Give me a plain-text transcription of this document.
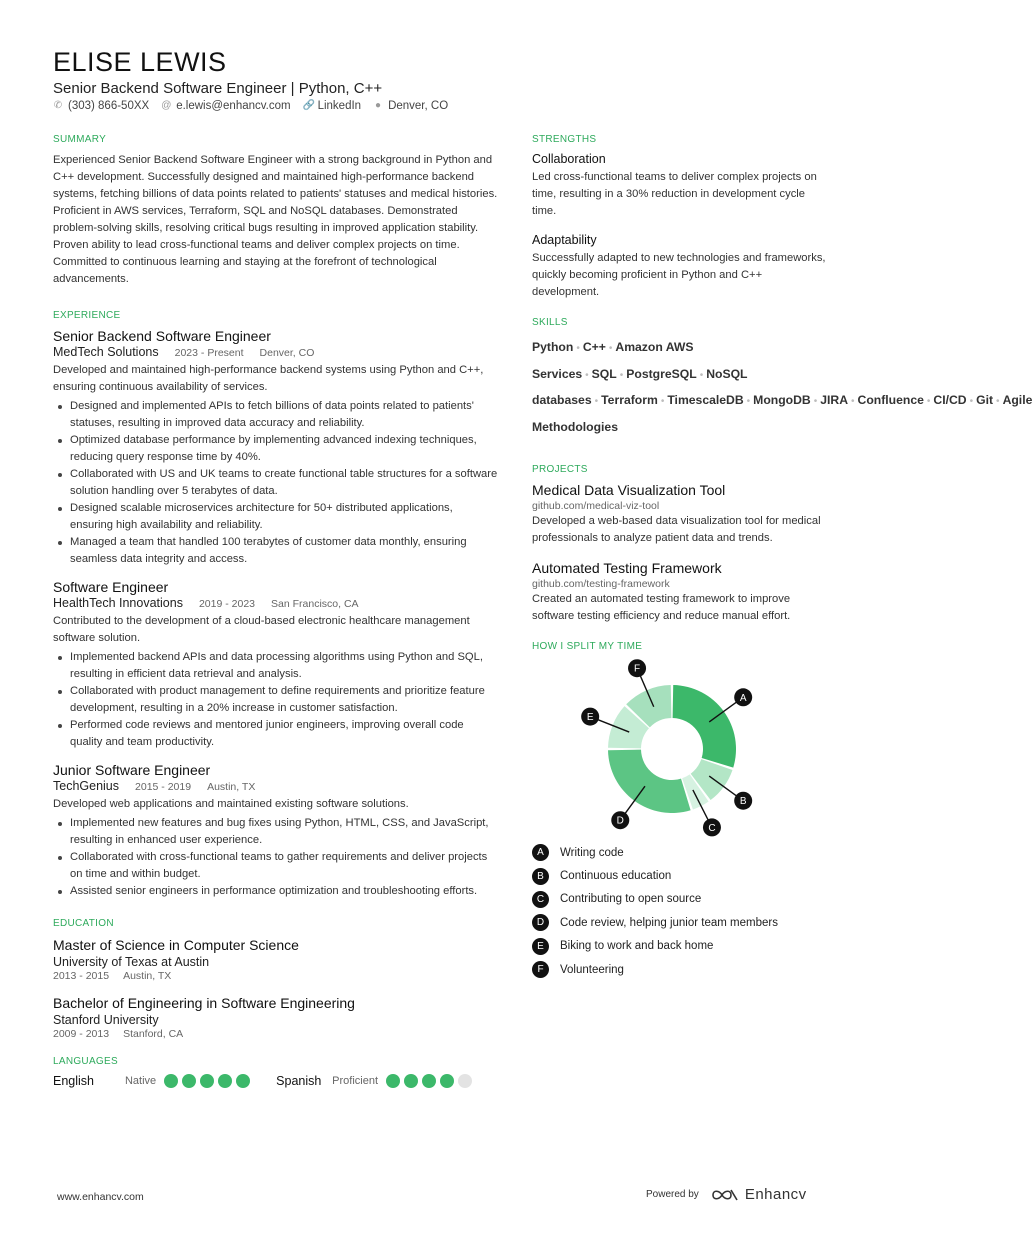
ELISE LEWIS
Senior Backend Software Engineer | Python, C++
✆ (303) 866-50XX @ e.lewis@enhancv.com 🔗 LinkedIn ● Denver, CO
SUMMARY
Experienced Senior Backend Software Engineer with a strong background in Python and C++ development. Successfully designed and maintained high-performance backend systems, fetching billions of data points related to patients' statuses and medical histories. Proficient in AWS services, Terraform, SQL and NoSQL databases. Demonstrated problem-solving skills, resolving critical bugs resulting in improved application stability. Proven ability to lead cross-functional teams and deliver complex projects on time. Committed to continuous learning and staying at the forefront of technological advancements.
EXPERIENCE
Senior Backend Software Engineer
MedTech Solutions 2023 - Present Denver, CO
Developed and maintained high-performance backend systems using Python and C++, ensuring continuous availability of services.
Designed and implemented APIs to fetch billions of data points related to patients' statuses, resulting in improved data accuracy and reliability.
Optimized database performance by implementing advanced indexing techniques, reducing query response time by 40%.
Collaborated with US and UK teams to create functional table structures for a software solution handling over 5 terabytes of data.
Designed scalable microservices architecture for 50+ distributed applications, ensuring high availability and reliability.
Managed a team that handled 100 terabytes of customer data monthly, ensuring seamless data integrity and access.
Software Engineer
HealthTech Innovations 2019 - 2023 San Francisco, CA
Contributed to the development of a cloud-based electronic healthcare management software solution.
Implemented backend APIs and data processing algorithms using Python and SQL, resulting in efficient data retrieval and analysis.
Collaborated with product management to define requirements and prioritize feature development, resulting in a 20% increase in customer satisfaction.
Performed code reviews and mentored junior engineers, improving overall code quality and team productivity.
Junior Software Engineer
TechGenius 2015 - 2019 Austin, TX
Developed web applications and maintained existing software solutions.
Implemented new features and bug fixes using Python, HTML, CSS, and JavaScript, resulting in enhanced user experience.
Collaborated with cross-functional teams to gather requirements and deliver projects on time and within budget.
Assisted senior engineers in performance optimization and troubleshooting efforts.
EDUCATION
Master of Science in Computer Science
University of Texas at Austin
2013 - 2015 Austin, TX
Bachelor of Engineering in Software Engineering
Stanford University
2009 - 2013 Stanford, CA
LANGUAGES
English	Native	Spanish Proficient
STRENGTHS
Collaboration
Led cross-functional teams to deliver complex projects on time, resulting in a 30% reduction in development cycle time.
Adaptability
Successfully adapted to new technologies and frameworks, quickly becoming proficient in Python and C++ development.
SKILLS
Python • C++ • Amazon AWS Services • SQL • PostgreSQL • NoSQL databases • Terraform • TimescaleDB • MongoDB • JIRA • Confluence • CI/CD • Git • Agile Methodologies
PROJECTS
Medical Data Visualization Tool
github.com/medical-viz-tool
Developed a web-based data visualization tool for medical professionals to analyze patient data and trends.
Automated Testing Framework
github.com/testing-framework
Created an automated testing framework to improve software testing efficiency and reduce manual effort.
HOW I SPLIT MY TIME
A
B
C
D
E
F
A	Writing code
B	Continuous education
C	Contributing to open source
D	Code review, helping junior team members
E	Biking to work and back home
F	Volunteering
www.enhancv.com	Powered by	Enhancv
